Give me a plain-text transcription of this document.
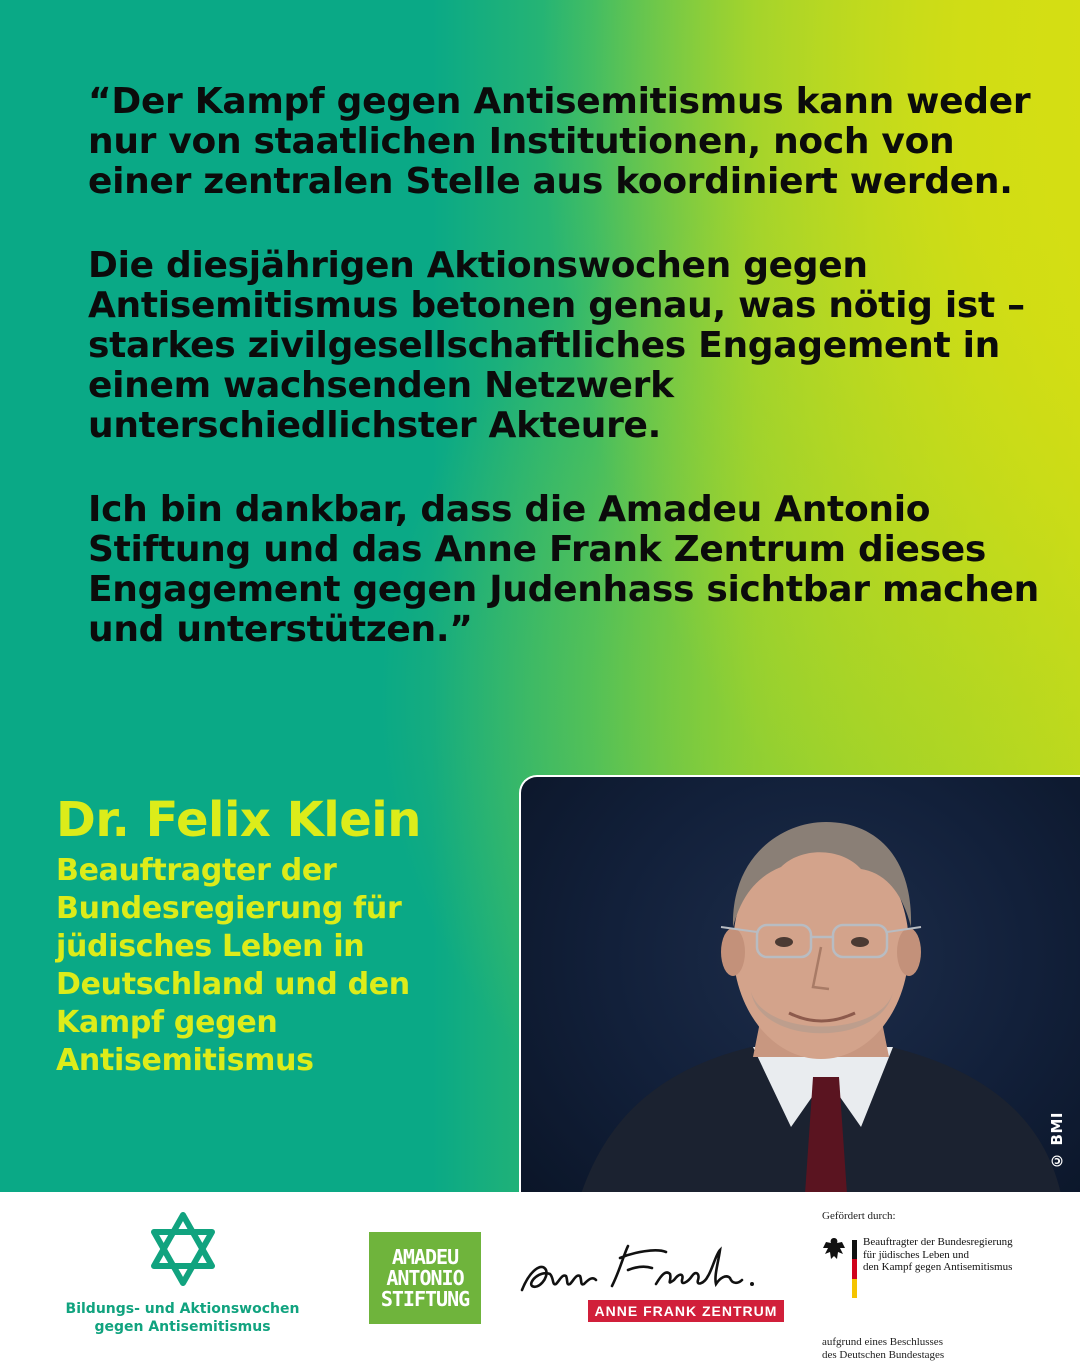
“Der Kampf gegen Antisemitismus kann weder nur von staatlichen Institutionen, noch von einer zentralen Stelle aus koordiniert werden.

Die diesjährigen Aktionswochen gegen Antisemitismus betonen genau, was nötig ist – starkes zivilgesellschaftliches Engagement in einem wachsenden Netzwerk unterschiedlichster Akteure.

Ich bin dankbar, dass die Amadeu Antonio Stiftung und das Anne Frank Zentrum dieses Engagement gegen Judenhass sichtbar machen und unterstützen.”

Dr. Felix Klein

Beauftragter der Bundesregierung für jüdisches Leben in Deutschland und den Kampf gegen Antisemitismus

© BMI
Bildungs- und Aktionswochen
gegen Antisemitismus
AMADEU
ANTONIO
STIFTUNG
ANNE FRANK ZENTRUM
Gefördert durch:
Beauftragter der Bundesregierung
für jüdisches Leben und
den Kampf gegen Antisemitismus
aufgrund eines Beschlusses
des Deutschen Bundestages
